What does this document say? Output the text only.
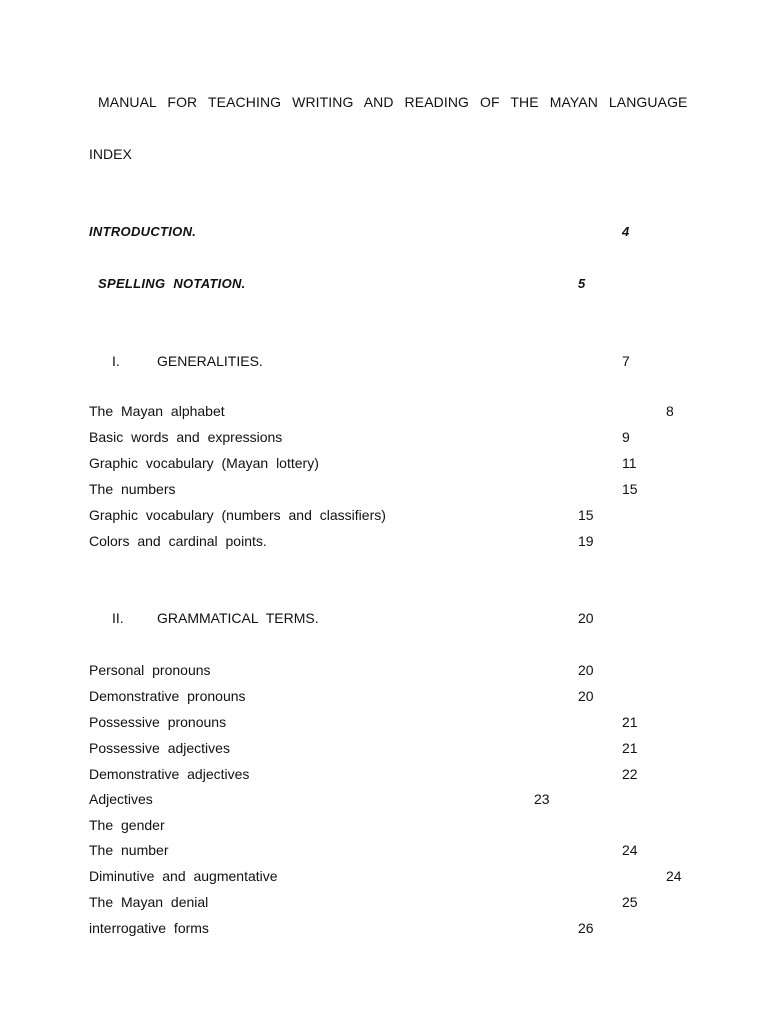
MANUAL FOR TEACHING WRITING AND READING OF THE MAYAN LANGUAGE
INDEX
INTRODUCTION.	4
SPELLING NOTATION.	5
I.	GENERALITIES.	7
The Mayan alphabet	8
Basic words and expressions	9
Graphic vocabulary (Mayan lottery)	11
The numbers	15
Graphic vocabulary (numbers and classifiers)	15
Colors and cardinal points.	19
II. GRAMMATICAL TERMS.	20
Personal pronouns	20
Demonstrative pronouns	20
Possessive pronouns	21
Possessive adjectives	21
Demonstrative adjectives	22
Adjectives	23
The gender
The number	24
Diminutive and augmentative	24
The Mayan denial	25
interrogative forms	26
